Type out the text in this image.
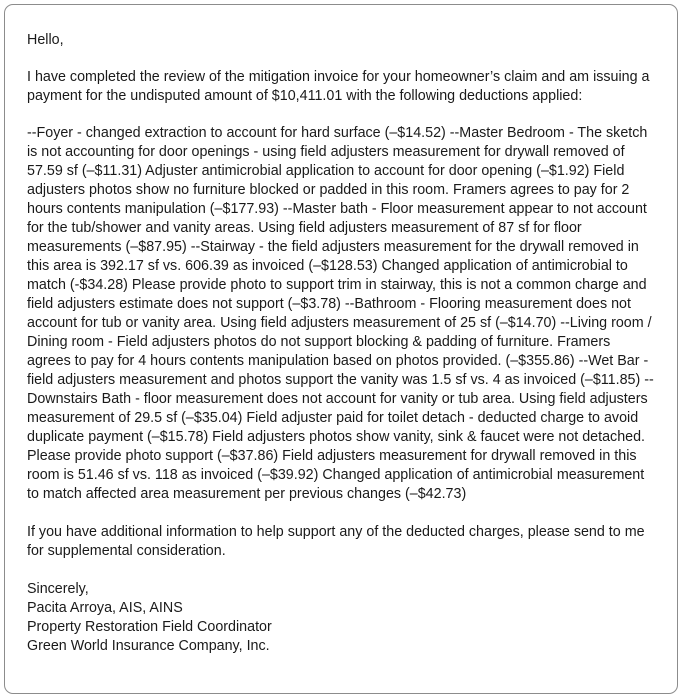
Hello,

I have completed the review of the mitigation invoice for your homeowner’s claim and am issuing a payment for the undisputed amount of $10,411.01 with the following deductions applied:

--Foyer - changed extraction to account for hard surface (–$14.52) --Master Bedroom - The sketch is not accounting for door openings - using field adjusters measurement for drywall removed of 57.59 sf (–$11.31) Adjuster antimicrobial application to account for door opening (–$1.92) Field adjusters photos show no furniture blocked or padded in this room. Framers agrees to pay for 2 hours contents manipulation (–$177.93) --Master bath - Floor measurement appear to not account for the tub/shower and vanity areas. Using field adjusters measurement of 87 sf for floor measurements (–$87.95) --Stairway - the field adjusters measurement for the drywall removed in this area is 392.17 sf vs. 606.39 as invoiced (–$128.53) Changed application of antimicrobial to match (-$34.28) Please provide photo to support trim in stairway, this is not a common charge and field adjusters estimate does not support (–$3.78) --Bathroom - Flooring measurement does not account for tub or vanity area. Using field adjusters measurement of 25 sf (–$14.70) --Living room / Dining room - Field adjusters photos do not support blocking & padding of furniture. Framers agrees to pay for 4 hours contents manipulation based on photos provided. (–$355.86) --Wet Bar - field adjusters measurement and photos support the vanity was 1.5 sf vs. 4 as invoiced (–$11.85) --Downstairs Bath - floor measurement does not account for vanity or tub area. Using field adjusters measurement of 29.5 sf (–$35.04) Field adjuster paid for toilet detach - deducted charge to avoid duplicate payment (–$15.78) Field adjusters photos show vanity, sink & faucet were not detached. Please provide photo support (–$37.86) Field adjusters measurement for drywall removed in this room is 51.46 sf vs. 118 as invoiced (–$39.92) Changed application of antimicrobial measurement to match affected area measurement per previous changes (–$42.73)

If you have additional information to help support any of the deducted charges, please send to me for supplemental consideration.

Sincerely,
Pacita Arroya, AIS, AINS
Property Restoration Field Coordinator
Green World Insurance Company, Inc.
